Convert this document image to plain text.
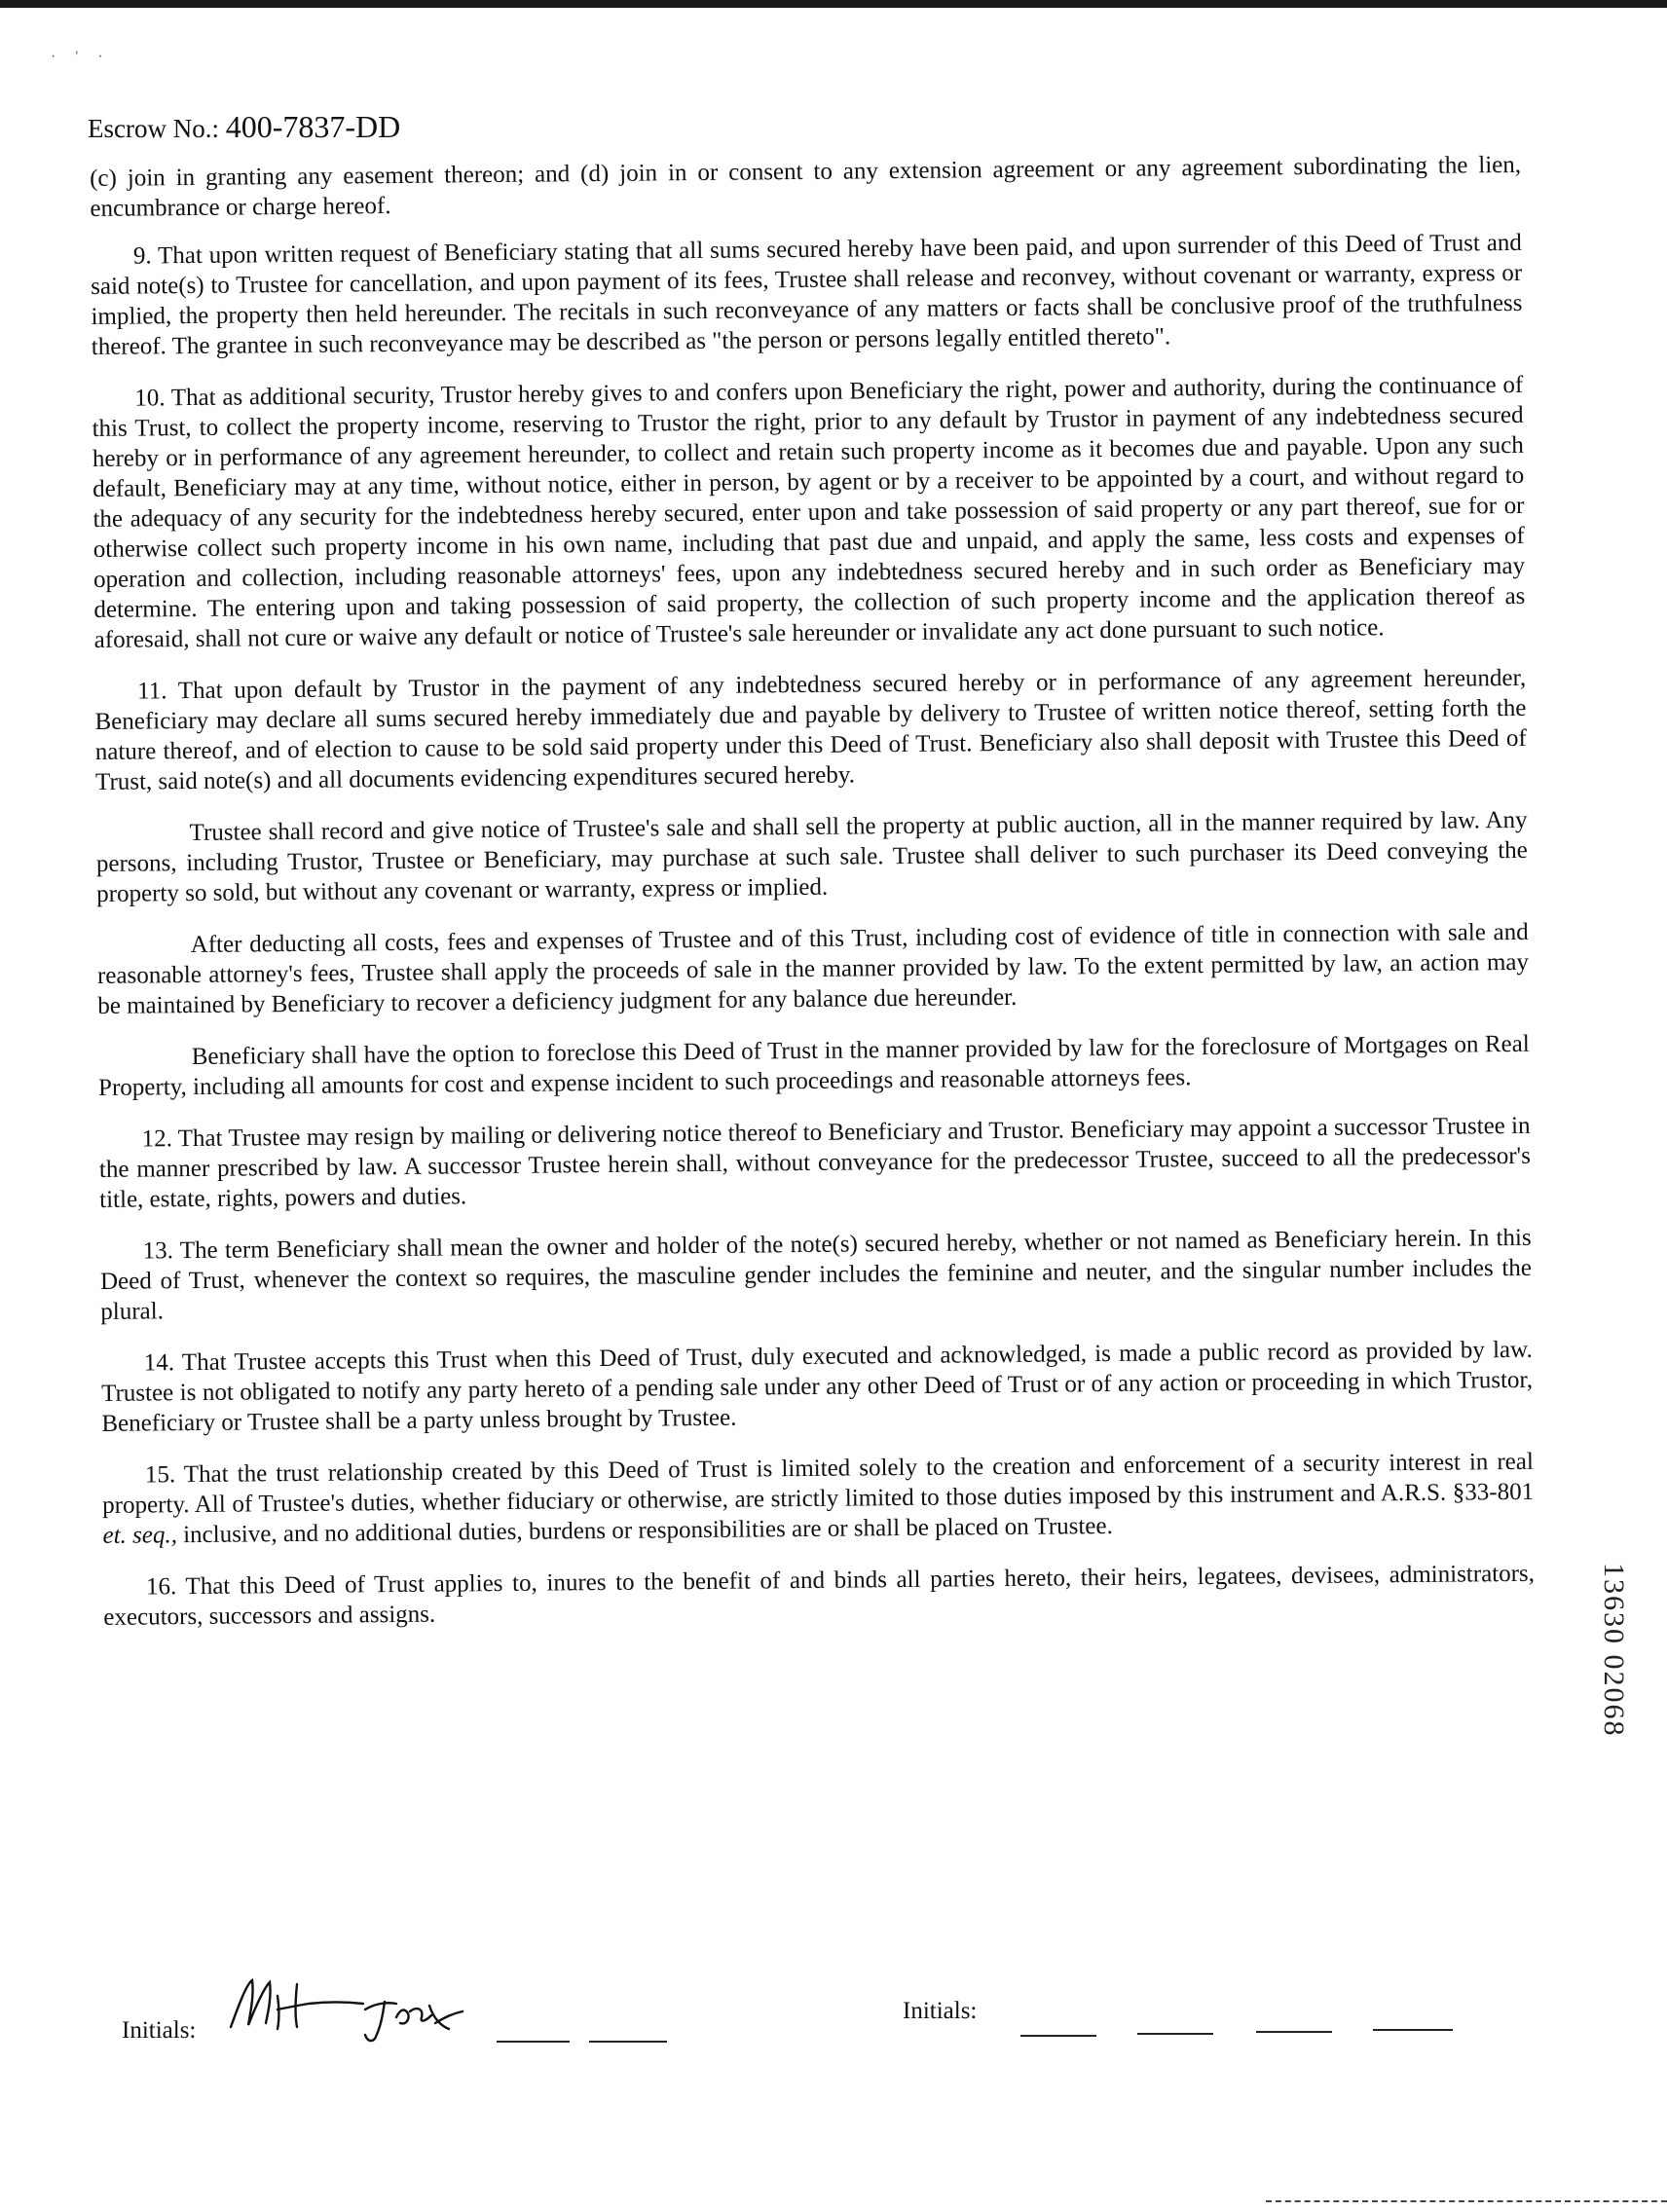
· ' ·
Escrow No.: 400-7837-DD

(c) join in granting any easement thereon; and (d) join in or consent to any extension agreement or any agreement subordinating the lien, encumbrance or charge hereof.

9. That upon written request of Beneficiary stating that all sums secured hereby have been paid, and upon surrender of this Deed of Trust and said note(s) to Trustee for cancellation, and upon payment of its fees, Trustee shall release and reconvey, without covenant or warranty, express or implied, the property then held hereunder. The recitals in such reconveyance of any matters or facts shall be conclusive proof of the truthfulness thereof. The grantee in such reconveyance may be described as "the person or persons legally entitled thereto".

10. That as additional security, Trustor hereby gives to and confers upon Beneficiary the right, power and authority, during the continuance of this Trust, to collect the property income, reserving to Trustor the right, prior to any default by Trustor in payment of any indebtedness secured hereby or in performance of any agreement hereunder, to collect and retain such property income as it becomes due and payable. Upon any such default, Beneficiary may at any time, without notice, either in person, by agent or by a receiver to be appointed by a court, and without regard to the adequacy of any security for the indebtedness hereby secured, enter upon and take possession of said property or any part thereof, sue for or otherwise collect such property income in his own name, including that past due and unpaid, and apply the same, less costs and expenses of operation and collection, including reasonable attorneys' fees, upon any indebtedness secured hereby and in such order as Beneficiary may determine. The entering upon and taking possession of said property, the collection of such property income and the application thereof as aforesaid, shall not cure or waive any default or notice of Trustee's sale hereunder or invalidate any act done pursuant to such notice.

11. That upon default by Trustor in the payment of any indebtedness secured hereby or in performance of any agreement hereunder, Beneficiary may declare all sums secured hereby immediately due and payable by delivery to Trustee of written notice thereof, setting forth the nature thereof, and of election to cause to be sold said property under this Deed of Trust. Beneficiary also shall deposit with Trustee this Deed of Trust, said note(s) and all documents evidencing expenditures secured hereby.

Trustee shall record and give notice of Trustee's sale and shall sell the property at public auction, all in the manner required by law. Any persons, including Trustor, Trustee or Beneficiary, may purchase at such sale. Trustee shall deliver to such purchaser its Deed conveying the property so sold, but without any covenant or warranty, express or implied.

After deducting all costs, fees and expenses of Trustee and of this Trust, including cost of evidence of title in connection with sale and reasonable attorney's fees, Trustee shall apply the proceeds of sale in the manner provided by law. To the extent permitted by law, an action may be maintained by Beneficiary to recover a deficiency judgment for any balance due hereunder.

Beneficiary shall have the option to foreclose this Deed of Trust in the manner provided by law for the foreclosure of Mortgages on Real Property, including all amounts for cost and expense incident to such proceedings and reasonable attorneys fees.

12. That Trustee may resign by mailing or delivering notice thereof to Beneficiary and Trustor. Beneficiary may appoint a successor Trustee in the manner prescribed by law. A successor Trustee herein shall, without conveyance for the predecessor Trustee, succeed to all the predecessor's title, estate, rights, powers and duties.

13. The term Beneficiary shall mean the owner and holder of the note(s) secured hereby, whether or not named as Beneficiary herein. In this Deed of Trust, whenever the context so requires, the masculine gender includes the feminine and neuter, and the singular number includes the plural.

14. That Trustee accepts this Trust when this Deed of Trust, duly executed and acknowledged, is made a public record as provided by law. Trustee is not obligated to notify any party hereto of a pending sale under any other Deed of Trust or of any action or proceeding in which Trustor, Beneficiary or Trustee shall be a party unless brought by Trustee.

15. That the trust relationship created by this Deed of Trust is limited solely to the creation and enforcement of a security interest in real property. All of Trustee's duties, whether fiduciary or otherwise, are strictly limited to those duties imposed by this instrument and A.R.S. §33-801 et. seq., inclusive, and no additional duties, burdens or responsibilities are or shall be placed on Trustee.

16. That this Deed of Trust applies to, inures to the benefit of and binds all parties hereto, their heirs, legatees, devisees, administrators, executors, successors and assigns.	13630 02068
Initials:
Initials:
